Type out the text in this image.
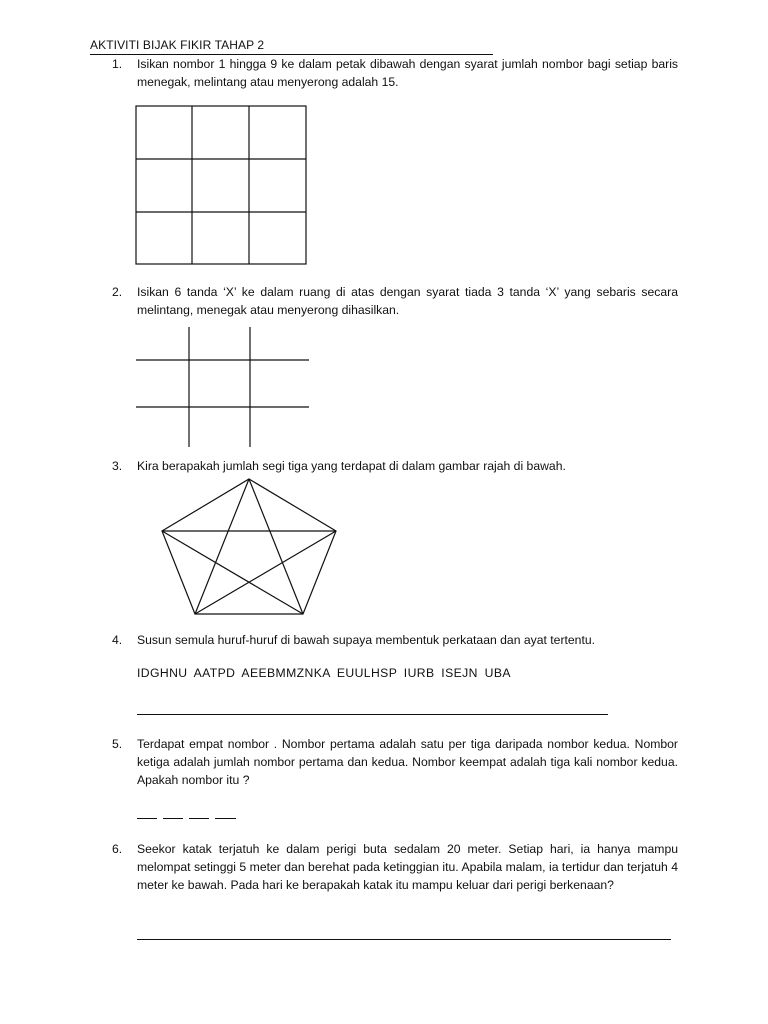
AKTIVITI BIJAK FIKIR TAHAP 2
1. Isikan nombor 1 hingga 9 ke dalam petak dibawah dengan syarat jumlah nombor bagi setiap baris menegak, melintang atau menyerong adalah 15.
2. Isikan 6 tanda ‘X’ ke dalam ruang di atas dengan syarat tiada 3 tanda ‘X’ yang sebaris secara melintang, menegak atau menyerong dihasilkan.
3. Kira berapakah jumlah segi tiga yang terdapat di dalam gambar rajah di bawah.
4. Susun semula huruf-huruf di bawah supaya membentuk perkataan dan ayat tertentu.
IDGHNU AATPD AEEBMMZNKA EUULHSP IURB ISEJN UBA
5. Terdapat empat nombor . Nombor pertama adalah satu per tiga daripada nombor kedua. Nombor ketiga adalah jumlah nombor pertama dan kedua. Nombor keempat adalah tiga kali nombor kedua. Apakah nombor itu ?
6. Seekor katak terjatuh ke dalam perigi buta sedalam 20 meter. Setiap hari, ia hanya mampu melompat setinggi 5 meter dan berehat pada ketinggian itu. Apabila malam, ia tertidur dan terjatuh 4 meter ke bawah. Pada hari ke berapakah katak itu mampu keluar dari perigi berkenaan?
